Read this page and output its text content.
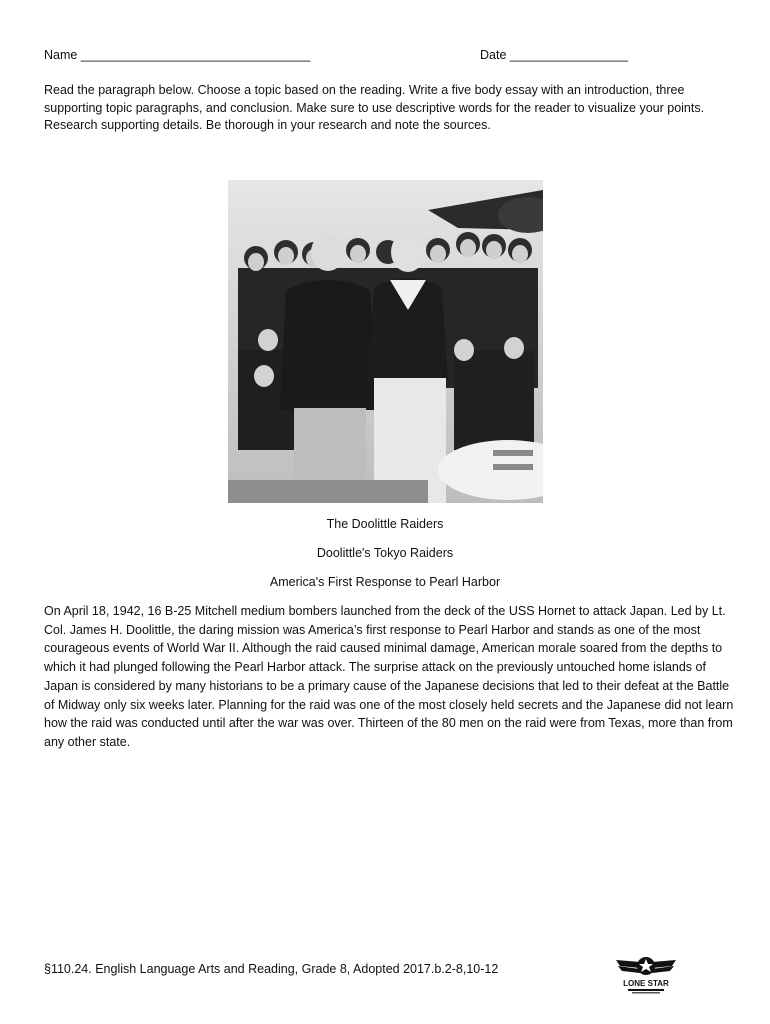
Name _________________________________	Date _________________
Read the paragraph below. Choose a topic based on the reading. Write a five body essay with an introduction, three supporting topic paragraphs, and conclusion. Make sure to use descriptive words for the reader to visualize your points. Research supporting details. Be thorough in your research and note the sources.
The Doolittle Raiders
Doolittle's Tokyo Raiders
America's First Response to Pearl Harbor
On April 18, 1942, 16 B-25 Mitchell medium bombers launched from the deck of the USS Hornet to attack Japan. Led by Lt. Col. James H. Doolittle, the daring mission was America’s first response to Pearl Harbor and stands as one of the most courageous events of World War II. Although the raid caused minimal damage, American morale soared from the depths to which it had plunged following the Pearl Harbor attack. The surprise attack on the previously untouched home islands of Japan is considered by many historians to be a primary cause of the Japanese decisions that led to their defeat at the Battle of Midway only six weeks later. Planning for the raid was one of the most closely held secrets and the Japanese did not learn how the raid was conducted until after the war was over. Thirteen of the 80 men on the raid were from Texas, more than from any other state.
§110.24. English Language Arts and Reading, Grade 8, Adopted 2017.b.2-8,10-12
LONE STAR
